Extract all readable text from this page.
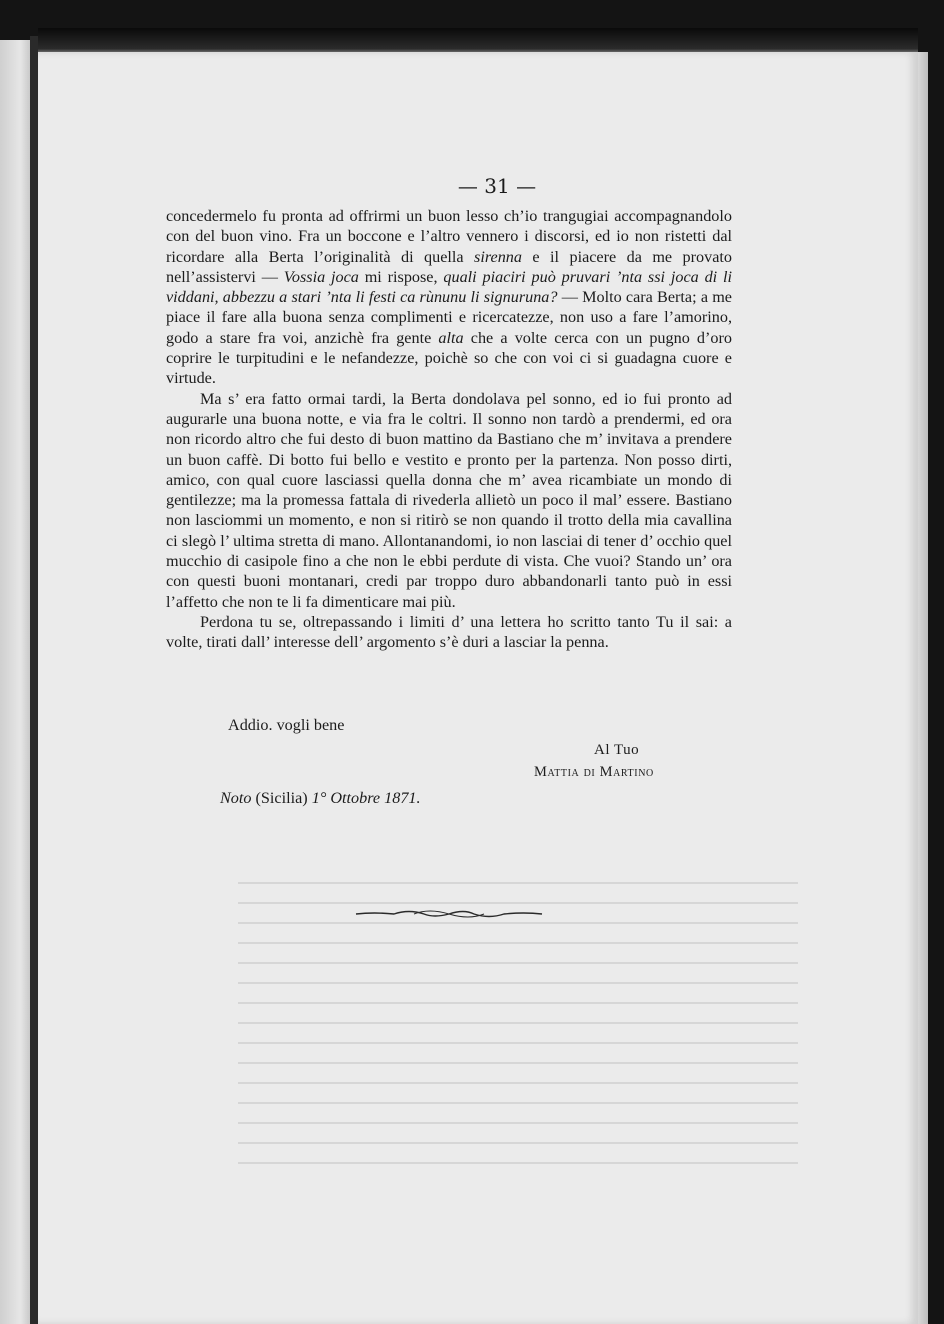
— 31 —

concedermelo fu pronta ad offrirmi un buon lesso ch’io trangugiai accompagnandolo con del buon vino. Fra un boccone e l’altro vennero i discorsi, ed io non ristetti dal ricordare alla Berta l’originalità di quella sirenna e il piacere da me provato nell’assistervi — Vossia joca mi rispose, quali piaciri può pruvari ’nta ssi joca di li viddani, abbezzu a stari ’nta li festi ca rùnunu li signuruna? — Molto cara Berta; a me piace il fare alla buona senza complimenti e ricercatezze, non uso a fare l’amorino, godo a stare fra voi, anzichè fra gente alta che a volte cerca con un pugno d’oro coprire le turpitudini e le nefandezze, poichè so che con voi ci si guadagna cuore e virtude.

Ma s’ era fatto ormai tardi, la Berta dondolava pel sonno, ed io fui pronto ad augurarle una buona notte, e via fra le coltri. Il sonno non tardò a prendermi, ed ora non ricordo altro che fui desto di buon mattino da Bastiano che m’ invitava a prendere un buon caffè. Di botto fui bello e vestito e pronto per la partenza. Non posso dirti, amico, con qual cuore lasciassi quella donna che m’ avea ricambiate un mondo di gentilezze; ma la promessa fattala di rivederla allietò un poco il mal’ essere. Bastiano non lasciommi un momento, e non si ritirò se non quando il trotto della mia cavallina ci slegò l’ ultima stretta di mano. Allontanandomi, io non lasciai di tener d’ occhio quel mucchio di casipole fino a che non le ebbi perdute di vista. Che vuoi? Stando un’ ora con questi buoni montanari, credi par troppo duro abbandonarli tanto può in essi l’affetto che non te li fa dimenticare mai più.

Perdona tu se, oltrepassando i limiti d’ una lettera ho scritto tanto Tu il sai: a volte, tirati dall’ interesse dell’ argomento s’è duri a lasciar la penna.

Addio. vogli bene
Al Tuo
Mattia di Martino
Noto (Sicilia) 1° Ottobre 1871.
